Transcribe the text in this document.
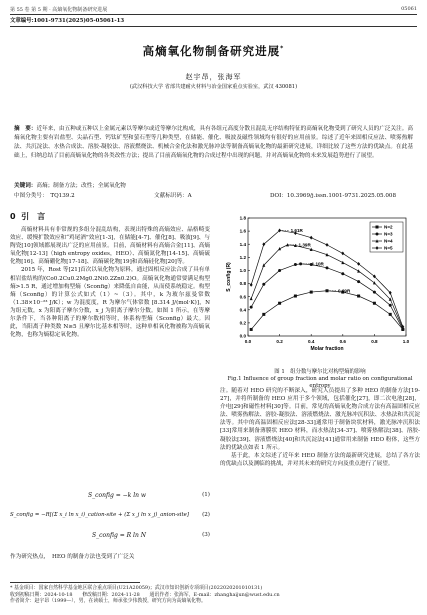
第 55 卷 第 5 期 · 高熵氧化物制备研究进展	05061
文章编号:1001-9731(2025)05-05061-13
高熵氧化物制备研究进展*
赵宇昂，张海军
(武汉科技大学 省部共建耐火材料与冶金国家重点实验室，武汉 430081)
摘　要：近年来，由五种或五种以上金属元素以等摩尔或近等摩尔比构成，具有各组元高度分散且混乱无序结构特征的高熵氧化物受到了研究人员的广泛关注。高熵氧化物主要有岩盐型、尖晶石型、钙钛矿型和萤石型等几种类型，在储能、催化、吸波及磁性领域均有很好的应用前景。综述了近年来固相反应法、喷雾热解法、共沉淀法、水热合成法、溶胶-凝胶法、溶液燃烧法、机械合金化法和激光脉冲法等制备高熵氧化物的最新研究进展，详细比较了这些方法的优缺点。在此基础上，归纳总结了目前高熵氧化物的各类改性方法；提出了目前高熵氧化物的合成过程中出现的问题，并对高熵氧化物的未来发展趋势进行了展望。
关键词：高熵；制备方法；改性；全属氧化物
中图分类号：　TQ139.2	文献标识码：A	DOI：10.3969/j.issn.1001-9731.2025.05.008
0 引　言

高熵材料具有非常规的多组分混乱结构，表现出特殊的高熵效应、晶格畸变效应、缓慢扩散效应和“鸡尾酒”效应[1-3]，在储能[4-7]、催化[8]、吸波[9]、与陶瓷[10]领域都展现出广泛的应用前景。目前，高熵材料有高熵合金[11]、高熵氧化物[12-13]（high entropy oxides，HEO）、高熵氮化物[14-15]、高熵硫化物[16]、高熵硼化物[17-18]、高熵碳化物[19]和高熵硅化物[20]等。

2015 年，Rost 等[21]首次以氧化物为原料，通过固相反应法合成了具有单相岩盐结构的(Co0.2Cu0.2Mg0.2Ni0.2Zn0.2)O。高熵氧化物通常要满足构型熵>1.5 R，通过增加构型熵（Sconfig）来降低自由能，从而使系统稳定。构型熵（Sconfig）的计算公式如式（1）~（3）。其中，k 为玻尔兹曼常数（1.38×10⁻²³ J/K）；w 为混度度，R 为摩尔气体常数 [8.314 J/(mol·K)]，N 为组元数，x 为阳离子摩尔分数，x_j 为阴离子摩尔分数。如图 1 所示，在等摩尔条件下，当各种阳离子的摩尔数相等时，体系构型熵（Sconfig）最大。因此，当阳离子种类数 N≥5 且摩尔比基本相等时，这种单相氧化物被称为高熵氧化物，也称为熵稳定氧化物。

S_config = −k ln w	(1)
S_config = −R[(Σ x_i ln x_i)_cation-site + (Σ x_j ln x_j)_anion-site] (2)
S_config = R ln N	(3)
作为研究热点，　HEO 的制备方法也受到了广泛关
0.0	0.2	0.4	0.6	0.8	1.0
0.0
0.2
0.4
0.6
0.8
1.0
1.2
1.4
1.6
1.8
Molar fraction
S_config (R)
1.61R
1.39R
1.10R
0.69R
N=2
N=3
N=4
N=5
图 1　组分数与摩尔比对构型熵的影响
Fig.1 Influence of group fraction and molar ratio on configurational entropy

注。随着对 HEO 研究的不断深入，研究人员提出了多种 HEO 的制备方法[19-27]，并将所制备的 HEO 应用于多个领域，包括催化[27]，即二次电池[28]，介电[29]和磁性材料[30]等。目前，常见的高熵氧化物合成方法有高温固相反应法、喷雾热解法、溶胶-凝胶法、溶液燃烧法、激光脉冲沉积法、水热法和共沉淀法等。其中的高温固相反应法[28-33]通常用于制备块状材料，激光脉冲沉积法[33]常用来制备薄膜状 HEO 材料，而水热法[34-37]、喷雾热解法[38]、溶胶-凝胶法[39]、溶液燃烧法[40]和共沉淀法[41]通常用来制备 HEO 粉体，这些方法的优缺点如表 1 所示。

基于此，本文综述了近年来 HEO 制备方法的最新研究进展，总结了各方法的优缺点以及测临的挑战，并对其未来的研究方向及重点进行了展望。

* 基金项目：国家自然科学基金地区联合重点项目(U21A20059)；武汉市知识创新专项项目(2022020201010131)
收到初稿日期：2024-10-18　　修改稿日期：2024-11-28　　通讯作者：张海军，E-mail：zhanghaijun@wust.edu.cn
作者简介：赵宇昂（1999—），男，在读硕士，师承张少伟教授，研究方向为高熵氧化物。
